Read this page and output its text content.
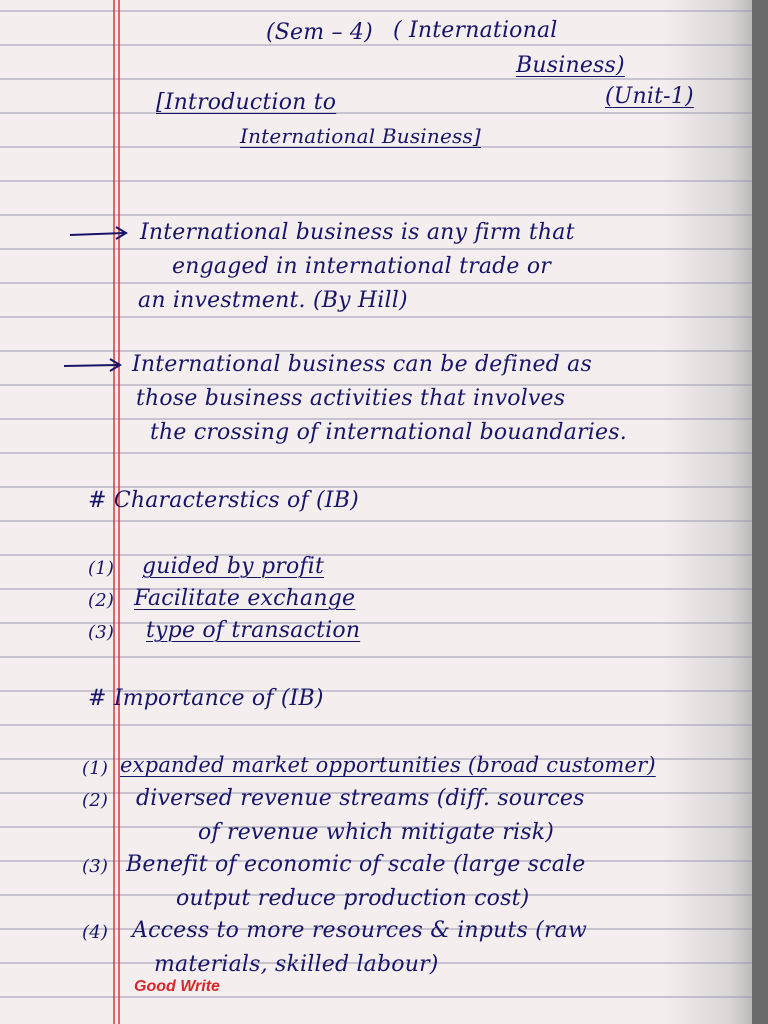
(Sem – 4) ( International
Business)
[Introduction to	(Unit-1)
International Business]
International business is any firm that
engaged in international trade or
an investment. (By Hill)
International business can be defined as
those business activities that involves
the crossing of international bouandaries.
# Characterstics of (IB)
(1) guided by profit
(2) Facilitate exchange
(3) type of transaction
# Importance of (IB)
(1) expanded market opportunities (broad customer)
(2) diversed revenue streams (diff. sources
of revenue which mitigate risk)
(3) Benefit of economic of scale (large scale
output reduce production cost)
(4) Access to more resources & inputs (raw
materials, skilled labour)
Good Write
